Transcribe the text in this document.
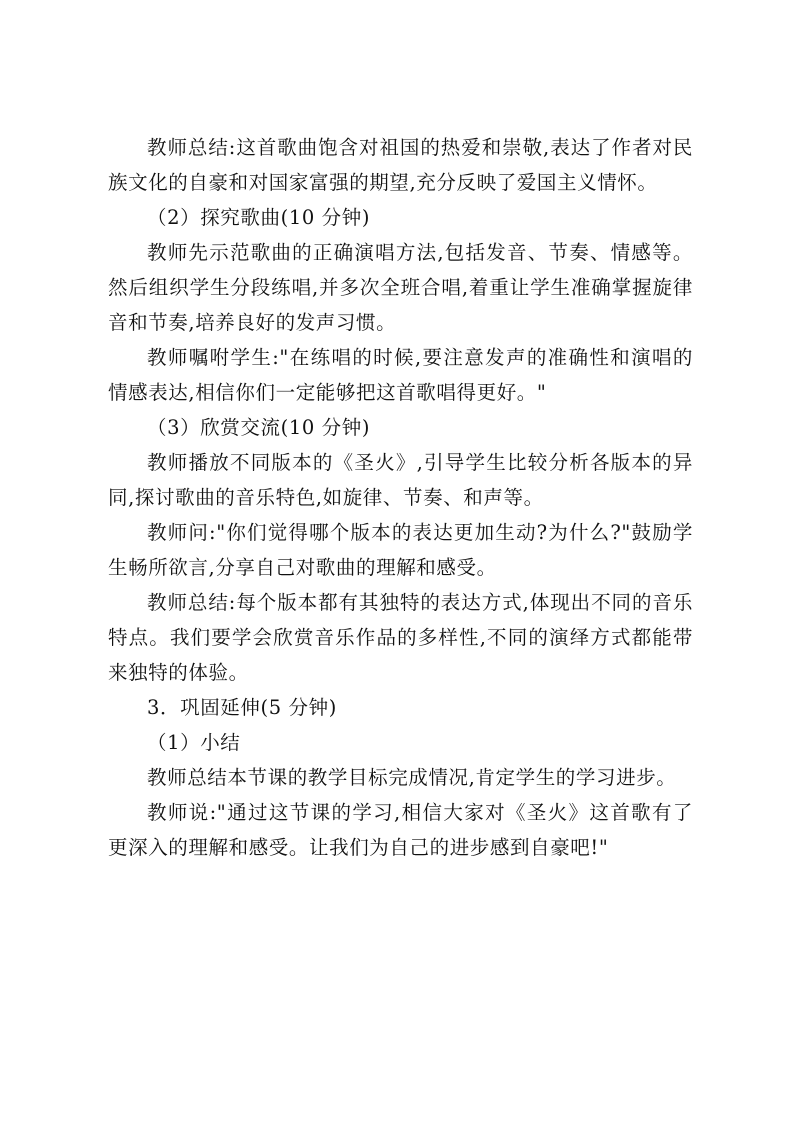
教师总结:这首歌曲饱含对祖国的热爱和崇敬,表达了作者对民族文化的自豪和对国家富强的期望,充分反映了爱国主义情怀。

（2）探究歌曲(10 分钟)

教师先示范歌曲的正确演唱方法,包括发音、节奏、情感等。然后组织学生分段练唱,并多次全班合唱,着重让学生准确掌握旋律音和节奏,培养良好的发声习惯。

教师嘱咐学生:"在练唱的时候,要注意发声的准确性和演唱的情感表达,相信你们一定能够把这首歌唱得更好。"

（3）欣赏交流(10 分钟)

教师播放不同版本的《圣火》,引导学生比较分析各版本的异同,探讨歌曲的音乐特色,如旋律、节奏、和声等。

教师问:"你们觉得哪个版本的表达更加生动?为什么?"鼓励学生畅所欲言,分享自己对歌曲的理解和感受。

教师总结:每个版本都有其独特的表达方式,体现出不同的音乐特点。我们要学会欣赏音乐作品的多样性,不同的演绎方式都能带来独特的体验。

3．巩固延伸(5 分钟)

（1）小结

教师总结本节课的教学目标完成情况,肯定学生的学习进步。

教师说:"通过这节课的学习,相信大家对《圣火》这首歌有了更深入的理解和感受。让我们为自己的进步感到自豪吧!"
